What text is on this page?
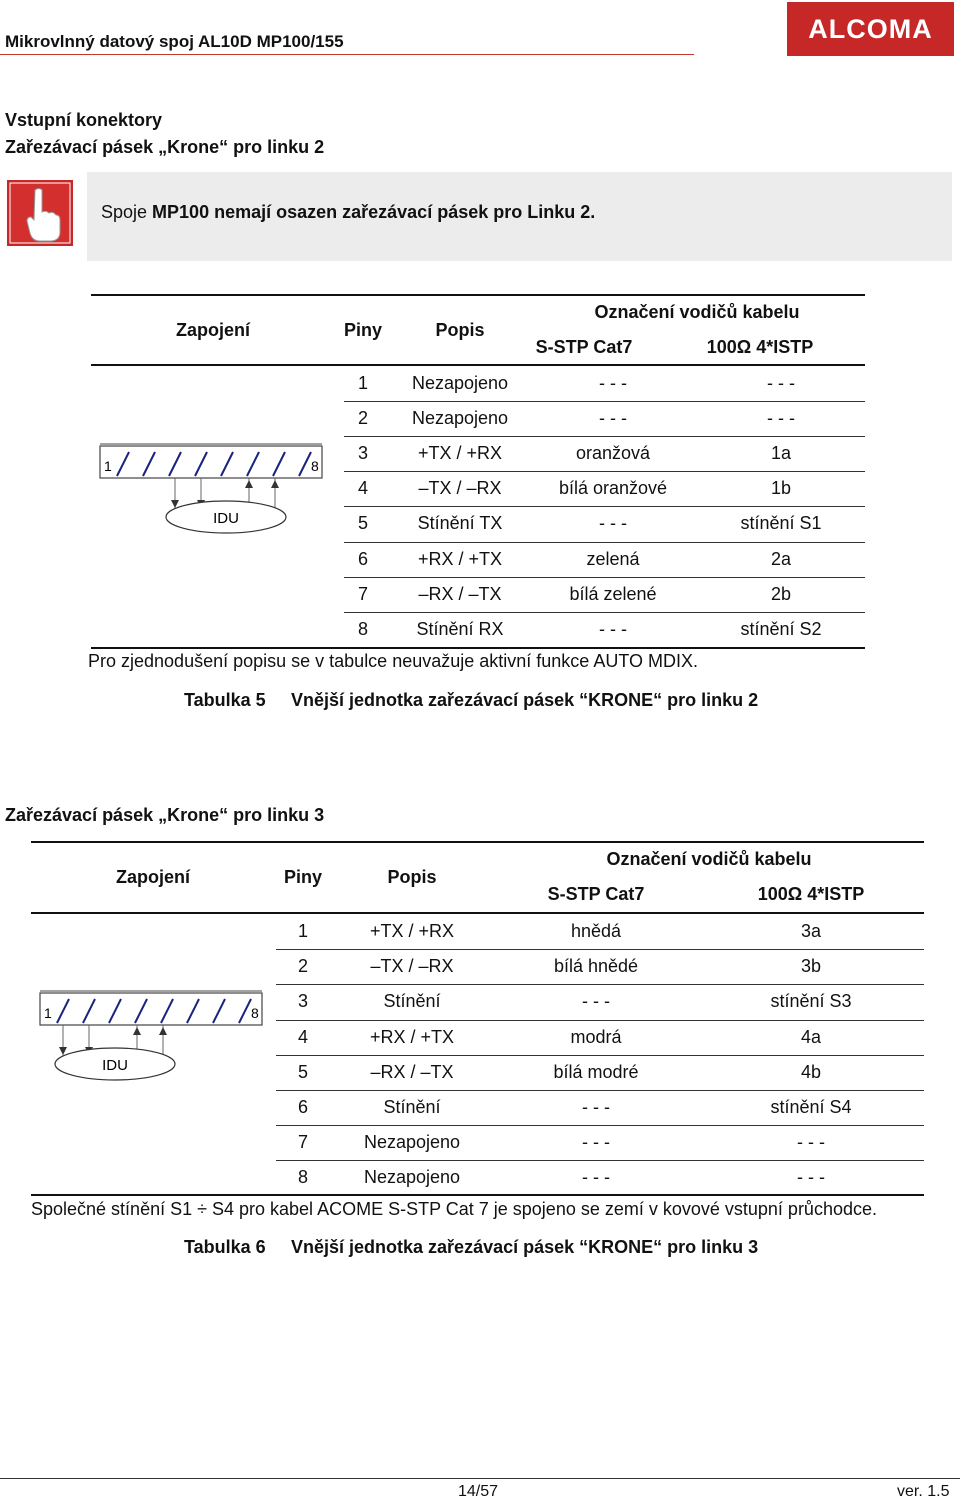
Mikrovlnný datový spoj AL10D MP100/155	ALCOMA
Vstupní konektory
Zařezávací pásek „Krone“ pro linku 2
Spoje MP100 nemají osazen zařezávací pásek pro Linku 2.
Zapojení	Piny	Popis
Označení vodičů kabelu
S-STP Cat7	100Ω 4*ISTP
1 Nezapojeno	- - -	- - -
2 Nezapojeno	- - -	- - -
3	+TX / +RX	oranžová	1a
4	–TX / –RX	bílá oranžové	1b
5	Stínění TX	- - -	stínění S1
6	+RX / +TX	zelená	2a
7	–RX / –TX	bílá zelené	2b
8	Stínění RX	- - -	stínění S2
1	8
IDU
Pro zjednodušení popisu se v tabulce neuvažuje aktivní funkce AUTO MDIX.
Tabulka 5 Vnější jednotka zařezávací pásek “KRONE“ pro linku 2
Zařezávací pásek „Krone“ pro linku 3
Zapojení	Piny	Popis
Označení vodičů kabelu
S-STP Cat7	100Ω 4*ISTP
1	+TX / +RX	hnědá	3a
2	–TX / –RX	bílá hnědé	3b
3	Stínění	- - -	stínění S3
4	+RX / +TX	modrá	4a
5	–RX / –TX	bílá modré	4b
6	Stínění	- - -	stínění S4
7	Nezapojeno	- - -	- - -
8	Nezapojeno	- - -	- - -
1	8
IDU
Společné stínění S1 ÷ S4 pro kabel ACOME S-STP Cat 7 je spojeno se zemí v kovové vstupní průchodce.
Tabulka 6 Vnější jednotka zařezávací pásek “KRONE“ pro linku 3
14/57	ver. 1.5
